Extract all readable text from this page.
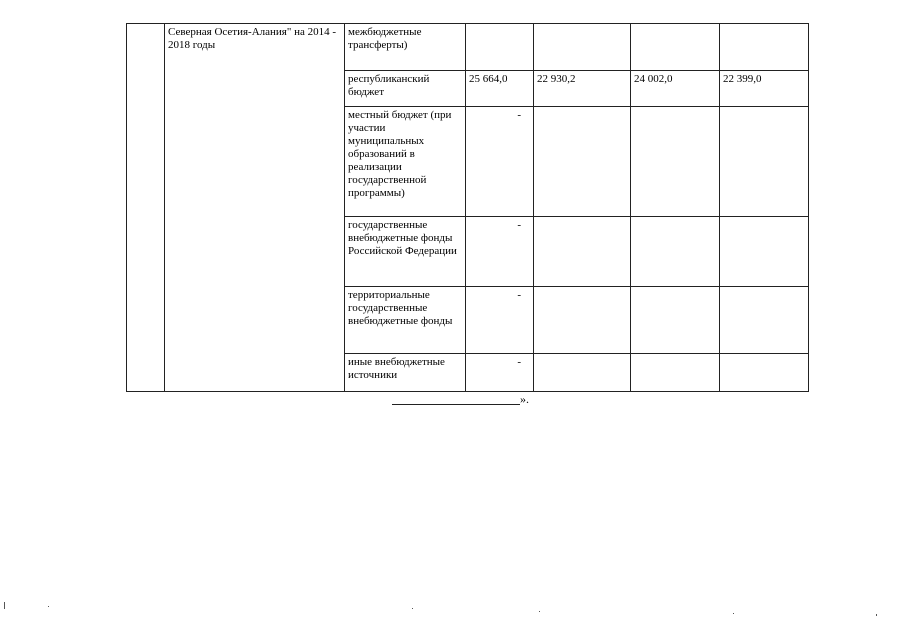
	Северная Осетия-Алания" на 2014 - 2018 годы	межбюджетные трансферты)				
		республиканский бюджет	25 664,0	22 930,2	24 002,0	22 399,0
		местный бюджет (при участии муниципальных образований в реализации государственной программы)	-			
		государственные внебюджетные фонды Российской Федерации	-			
		территориальные государственные внебюджетные фонды	-			
		иные внебюджетные источники	-			
».
